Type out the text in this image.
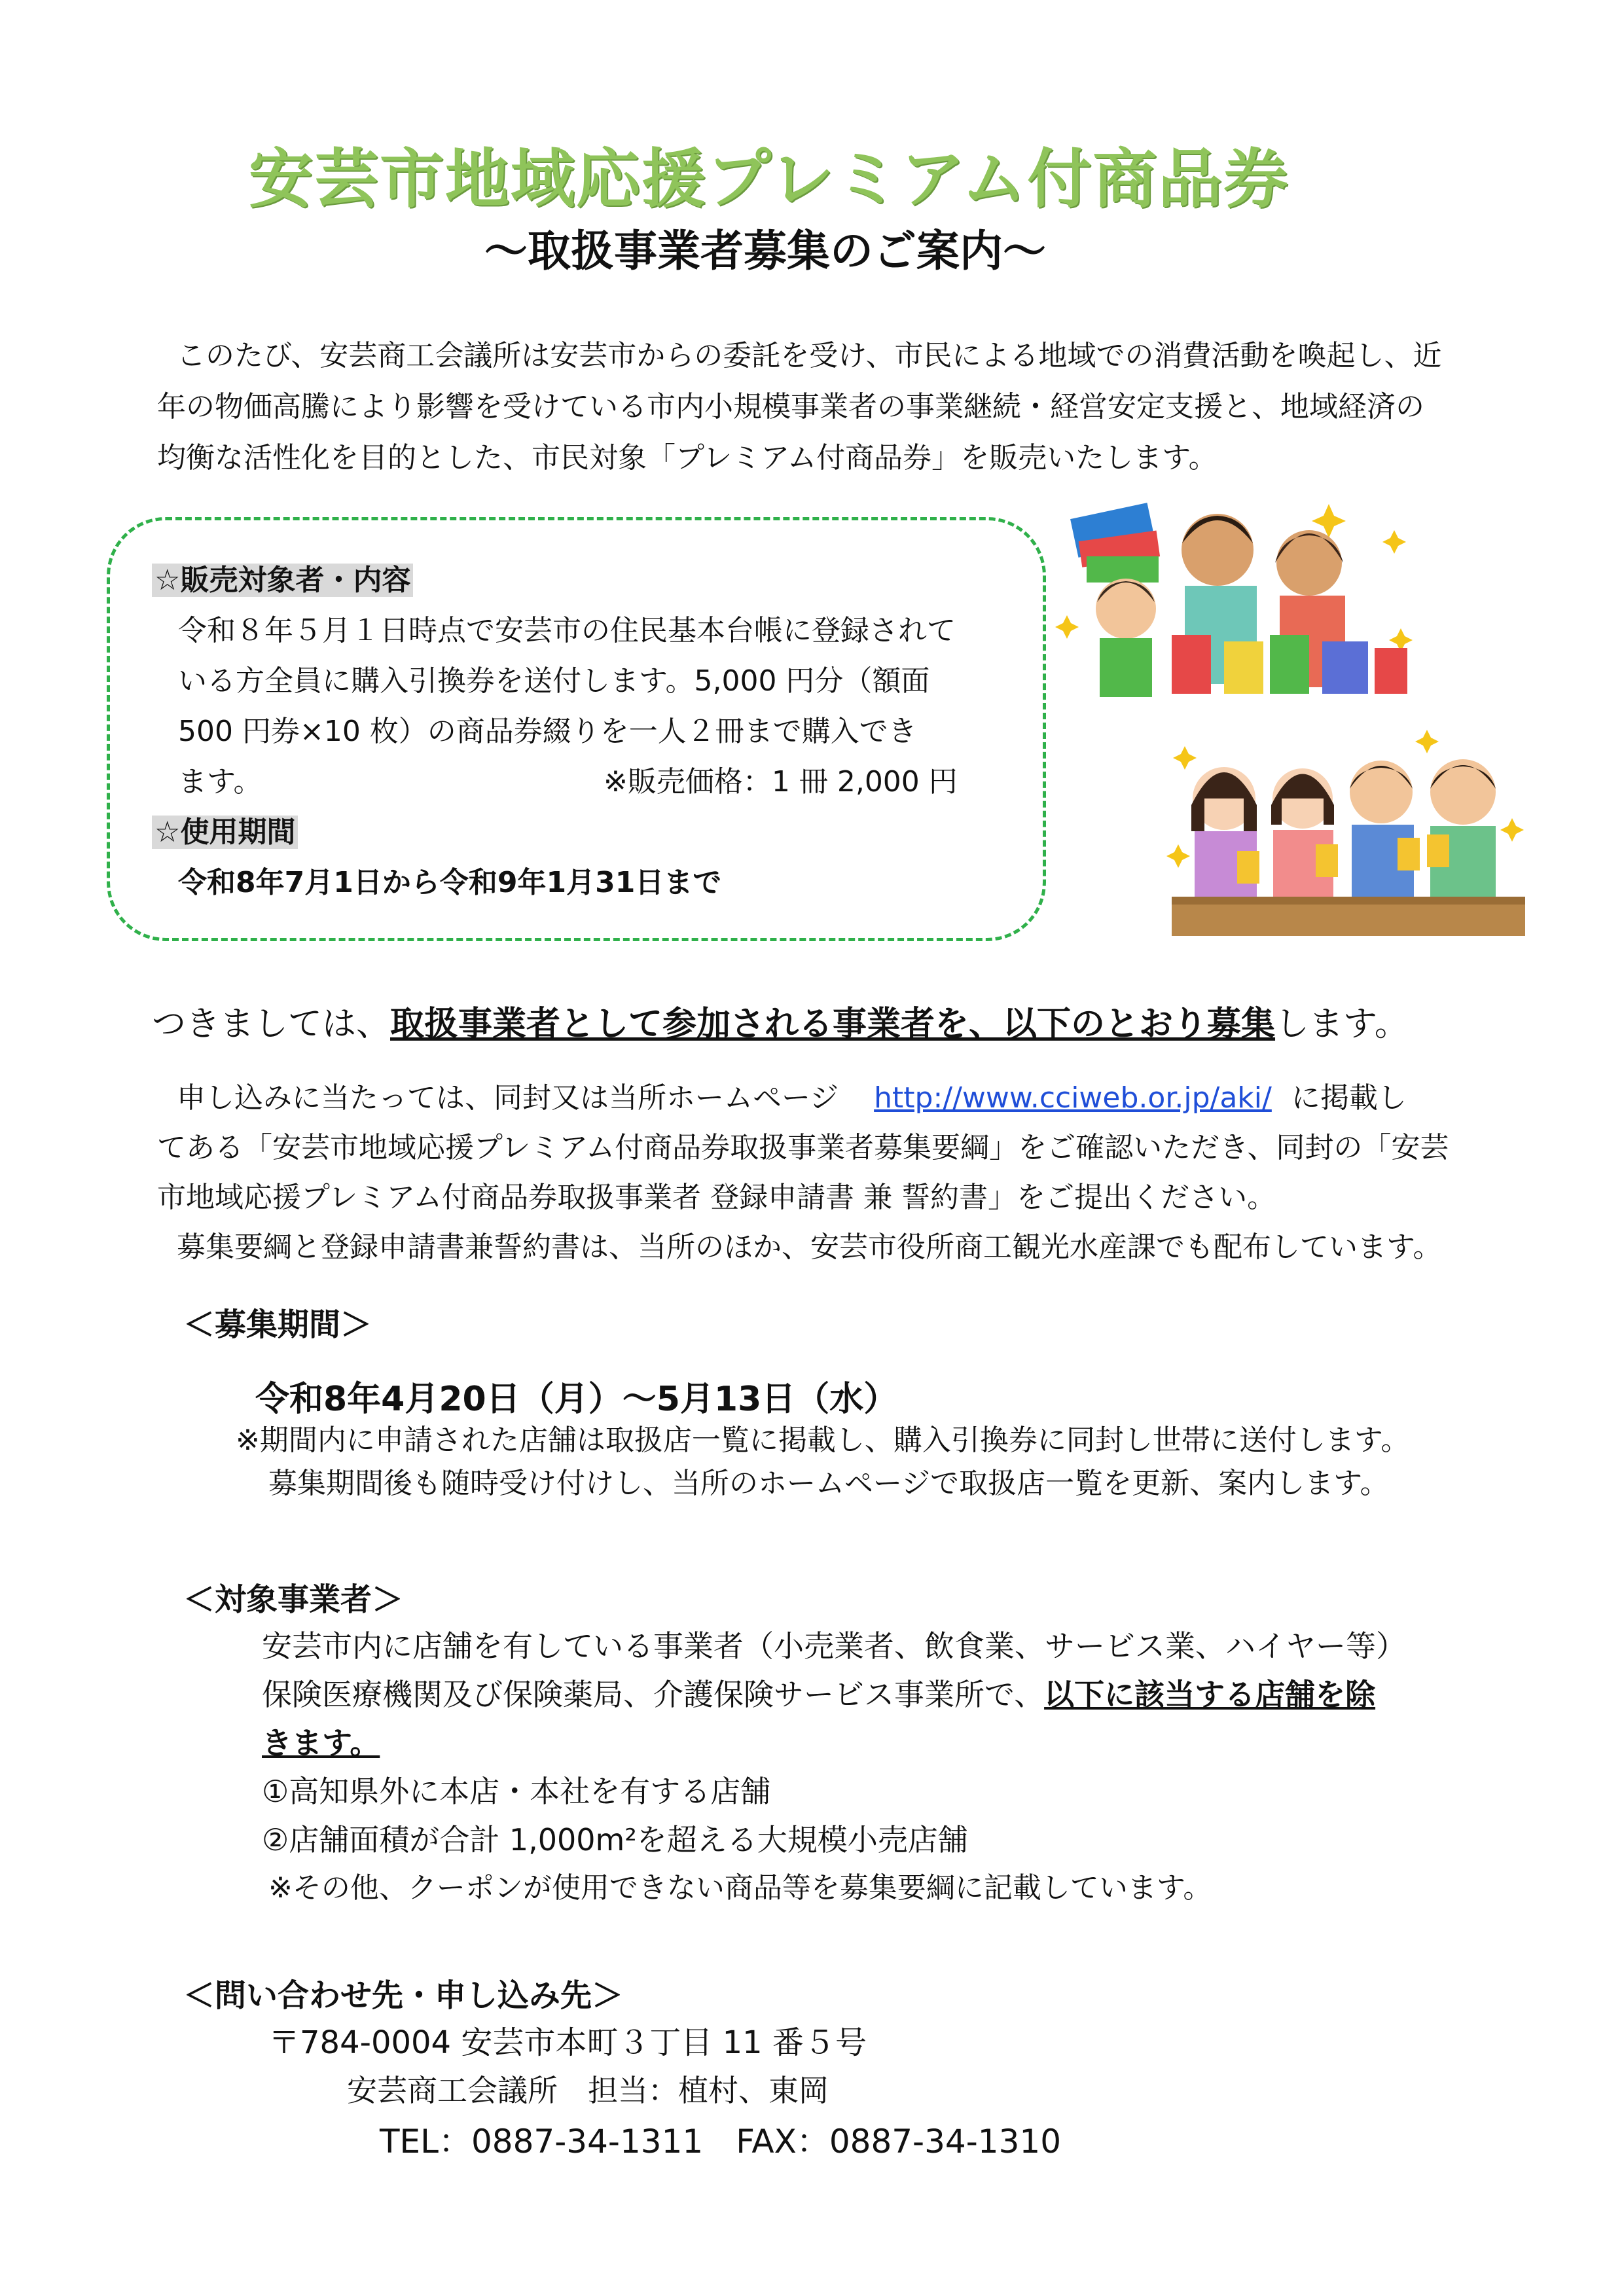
安芸市地域応援プレミアム付商品券
～取扱事業者募集のご案内～

このたび、安芸商工会議所は安芸市からの委託を受け、市民による地域での消費活動を喚起し、近

年の物価高騰により影響を受けている市内小規模事業者の事業継続・経営安定支援と、地域経済の

均衡な活性化を目的とした、市民対象「プレミアム付商品券」を販売いたします。

☆販売対象者・内容
令和８年５月１日時点で安芸市の住民基本台帳に登録されて
いる方全員に購入引換券を送付します。5,000 円分（額面
500 円券×10 枚）の商品券綴りを一人２冊まで購入でき
ます。	※販売価格：1 冊 2,000 円
☆使用期間
令和8年7月1日から令和9年1月31日まで
つきましては、取扱事業者として参加される事業者を、以下のとおり募集します。

申し込みに当たっては、同封又は当所ホームページ http://www.cciweb.or.jp/aki/ に掲載し

てある「安芸市地域応援プレミアム付商品券取扱事業者募集要綱」をご確認いただき、同封の「安芸

市地域応援プレミアム付商品券取扱事業者 登録申請書 兼 誓約書」をご提出ください。

募集要綱と登録申請書兼誓約書は、当所のほか、安芸市役所商工観光水産課でも配布しています。

＜募集期間＞
令和8年4月20日（月）～5月13日（水）
※期間内に申請された店舗は取扱店一覧に掲載し、購入引換券に同封し世帯に送付します。
募集期間後も随時受け付けし、当所のホームページで取扱店一覧を更新、案内します。
＜対象事業者＞
安芸市内に店舗を有している事業者（小売業者、飲食業、サービス業、ハイヤー等）
保険医療機関及び保険薬局、介護保険サービス事業所で、以下に該当する店舗を除
きます。
①高知県外に本店・本社を有する店舗
②店舗面積が合計 1,000m²を超える大規模小売店舗
※その他、クーポンが使用できない商品等を募集要綱に記載しています。
＜問い合わせ先・申し込み先＞
〒784-0004 安芸市本町３丁目 11 番５号
安芸商工会議所　担当：植村、東岡
TEL：0887-34-1311　FAX：0887-34-1310
